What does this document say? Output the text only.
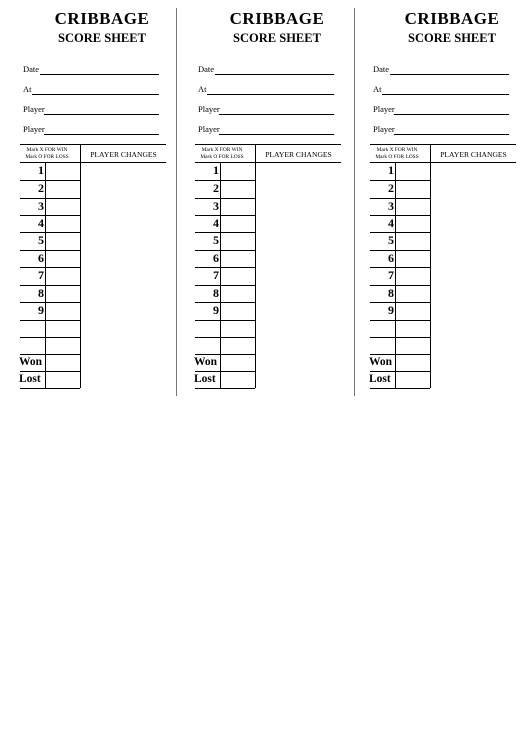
CRIBBAGE
SCORE SHEET
Date
At
Player
Player
Mark X FOR WIN
Mark O FOR LOSS	PLAYER CHANGES
1
2
3
4
5
6
7
8
9
Won
Lost
CRIBBAGE
SCORE SHEET
Date
At
Player
Player
Mark X FOR WIN
Mark O FOR LOSS	PLAYER CHANGES
1
2
3
4
5
6
7
8
9
Won
Lost
CRIBBAGE
SCORE SHEET
Date
At
Player
Player
Mark X FOR WIN
Mark O FOR LOSS	PLAYER CHANGES
1
2
3
4
5
6
7
8
9
Won
Lost
